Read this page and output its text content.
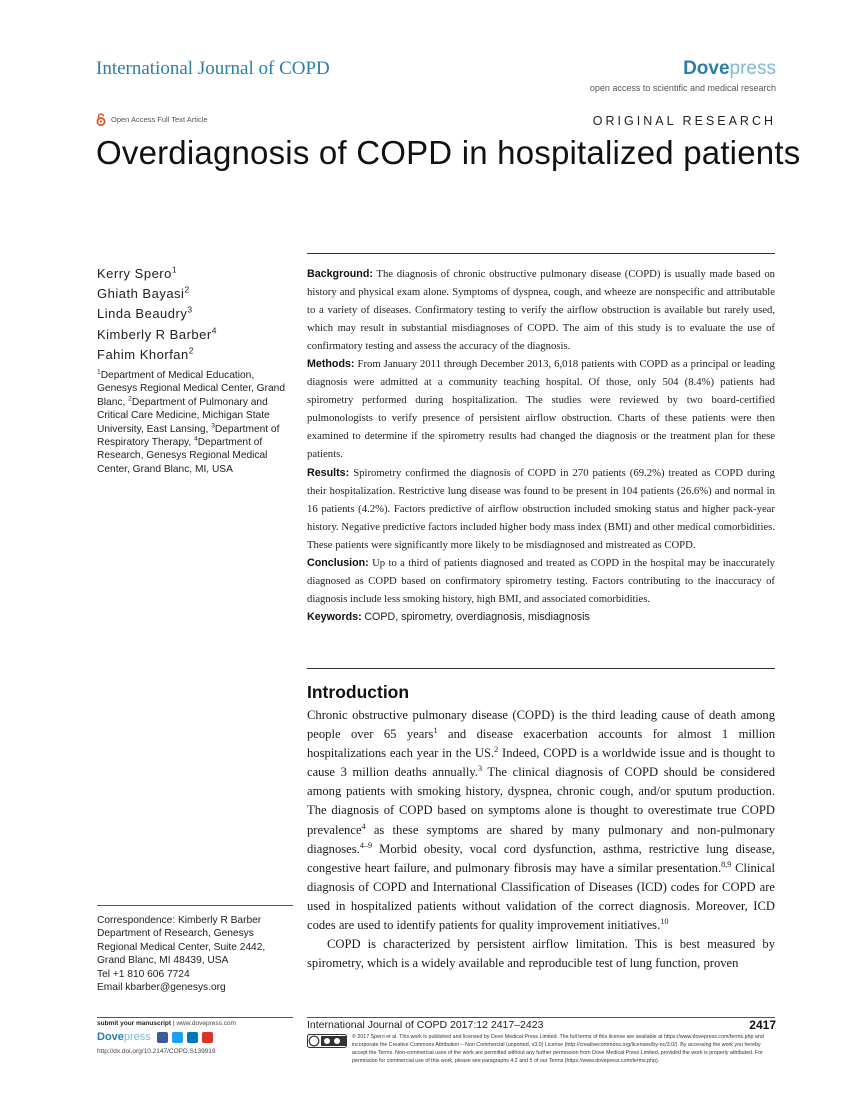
International Journal of COPD	Dovepress
open access to scientific and medical research
Open Access Full Text Article	ORIGINAL RESEARCH
Overdiagnosis of COPD in hospitalized patients
Kerry Spero$^1$
Ghiath Bayasi$^2$
Linda Beaudry$^3$
Kimberly R Barber$^4$
Fahim Khorfan$^2$
$^1$Department of Medical Education, Genesys Regional Medical Center, Grand Blanc, $^2$Department of Pulmonary and Critical Care Medicine, Michigan State University, East Lansing, $^3$Department of Respiratory Therapy, $^4$Department of Research, Genesys Regional Medical Center, Grand Blanc, MI, USA
Correspondence: Kimberly R Barber
Department of Research, Genesys
Regional Medical Center, Suite 2442,
Grand Blanc, MI 48439, USA
Tel +1 810 606 7724
Email kbarber@genesys.org

Background: The diagnosis of chronic obstructive pulmonary disease (COPD) is usually made based on history and physical exam alone. Symptoms of dyspnea, cough, and wheeze are nonspecific and attributable to a variety of diseases. Confirmatory testing to verify the airflow obstruction is available but rarely used, which may result in substantial misdiagnoses of COPD. The aim of this study is to evaluate the use of confirmatory testing and assess the accuracy of the diagnosis.

Methods: From January 2011 through December 2013, 6,018 patients with COPD as a principal or leading diagnosis were admitted at a community teaching hospital. Of those, only 504 (8.4%) patients had spirometry performed during hospitalization. The studies were reviewed by two board-certified pulmonologists to verify presence of persistent airflow obstruction. Charts of these patients were then examined to determine if the spirometry results had changed the diagnosis or the treatment plan for these patients.

Results: Spirometry confirmed the diagnosis of COPD in 270 patients (69.2%) treated as COPD during their hospitalization. Restrictive lung disease was found to be present in 104 patients (26.6%) and normal in 16 patients (4.2%). Factors predictive of airflow obstruction included smoking status and higher pack-year history. Negative predictive factors included higher body mass index (BMI) and other medical comorbidities. These patients were significantly more likely to be misdiagnosed and mistreated as COPD.

Conclusion: Up to a third of patients diagnosed and treated as COPD in the hospital may be inaccurately diagnosed as COPD based on confirmatory spirometry testing. Factors contributing to the inaccuracy of diagnosis include less smoking history, high BMI, and associated comorbidities.

Keywords: COPD, spirometry, overdiagnosis, misdiagnosis

Introduction

Chronic obstructive pulmonary disease (COPD) is the third leading cause of death among people over 65 years$^1$ and disease exacerbation accounts for almost 1 million hospitalizations each year in the US.$^2$ Indeed, COPD is a worldwide issue and is thought to cause 3 million deaths annually.$^3$ The clinical diagnosis of COPD should be considered among patients with smoking history, dyspnea, chronic cough, and/or sputum production. The diagnosis of COPD based on symptoms alone is thought to overestimate true COPD prevalence$^4$ as these symptoms are shared by many pulmonary and non-pulmonary diagnoses.$^{4-9}$ Morbid obesity, vocal cord dysfunction, asthma, restrictive lung disease, congestive heart failure, and pulmonary fibrosis may have a similar presentation.$^{8,9}$ Clinical diagnosis of COPD and International Classification of Diseases (ICD) codes for COPD are used in hospitalized patients without validation of the correct diagnosis. Moreover, ICD codes are used to identify patients for quality improvement initiatives.$^{10}$

COPD is characterized by persistent airflow limitation. This is best measured by spirometry, which is a widely available and reproducible test of lung function, proven

submit your manuscript | www.dovepress.com
Dovepress
http://dx.doi.org/10.2147/COPD.S139919
International Journal of COPD 2017:12 2417–2423	2417
© 2017 Spero et al. This work is published and licensed by Dove Medical Press Limited. The full terms of this license are available at https://www.dovepress.com/terms.php and incorporate the Creative Commons Attribution – Non Commercial (unported, v3.0) License (http://creativecommons.org/licenses/by-nc/3.0/). By accessing the work you hereby accept the Terms. Non-commercial uses of the work are permitted without any further permission from Dove Medical Press Limited, provided the work is properly attributed. For permission for commercial use of this work, please see paragraphs 4.2 and 5 of our Terms (https://www.dovepress.com/terms.php).
